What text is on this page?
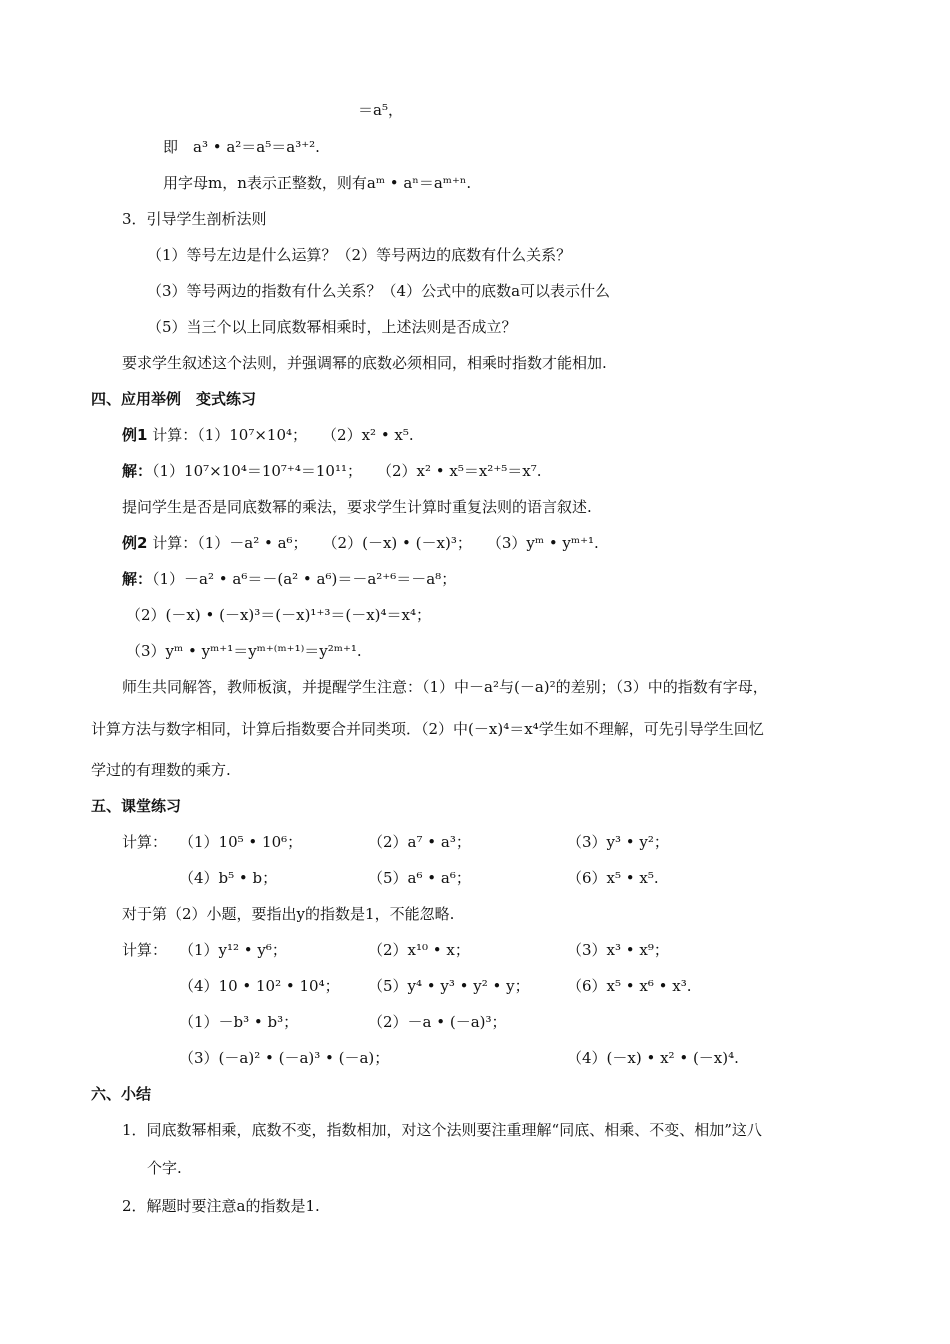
＝a⁵，
即　a³ • a²＝a⁵＝a³⁺².
用字母m，n表示正整数，则有aᵐ • aⁿ＝aᵐ⁺ⁿ.
3．引导学生剖析法则
（1）等号左边是什么运算？（2）等号两边的底数有什么关系？
（3）等号两边的指数有什么关系？（4）公式中的底数a可以表示什么
（5）当三个以上同底数幂相乘时，上述法则是否成立？
要求学生叙述这个法则，并强调幂的底数必须相同，相乘时指数才能相加.
四、应用举例　变式练习
例1 计算：（1）10⁷×10⁴；　　（2）x² • x⁵.
解：（1）10⁷×10⁴＝10⁷⁺⁴＝10¹¹；　　（2）x² • x⁵＝x²⁺⁵＝x⁷.
提问学生是否是同底数幂的乘法，要求学生计算时重复法则的语言叙述.
例2 计算：（1）－a² • a⁶；　　（2）(－x) • (－x)³；　　（3）yᵐ • yᵐ⁺¹.
解：（1）－a² • a⁶＝－(a² • a⁶)＝－a²⁺⁶＝－a⁸；
（2）(－x) • (－x)³＝(－x)¹⁺³＝(－x)⁴＝x⁴；
（3）yᵐ • yᵐ⁺¹＝yᵐ⁺⁽ᵐ⁺¹⁾＝y²ᵐ⁺¹.
师生共同解答，教师板演，并提醒学生注意：（1）中－a²与(－a)²的差别；（3）中的指数有字母，
计算方法与数字相同，计算后指数要合并同类项．（2）中(－x)⁴＝x⁴学生如不理解，可先引导学生回忆
学过的有理数的乘方.
五、课堂练习
计算： （1）10⁵ • 10⁶；	（2）a⁷ • a³；	（3）y³ • y²；
（4）b⁵ • b；	（5）a⁶ • a⁶；	（6）x⁵ • x⁵.
对于第（2）小题，要指出y的指数是1，不能忽略.
计算： （1）y¹² • y⁶；	（2）x¹⁰ • x；	（3）x³ • x⁹；
（4）10 • 10² • 10⁴； （5）y⁴ • y³ • y² • y； （6）x⁵ • x⁶ • x³.
（1）－b³ • b³；	（2）－a • (－a)³；
（3）(－a)² • (－a)³ • (－a)；	（4）(－x) • x² • (－x)⁴.
六、小结
1．同底数幂相乘，底数不变，指数相加，对这个法则要注重理解“同底、相乘、不变、相加”这八
个字.
2．解题时要注意a的指数是1.
